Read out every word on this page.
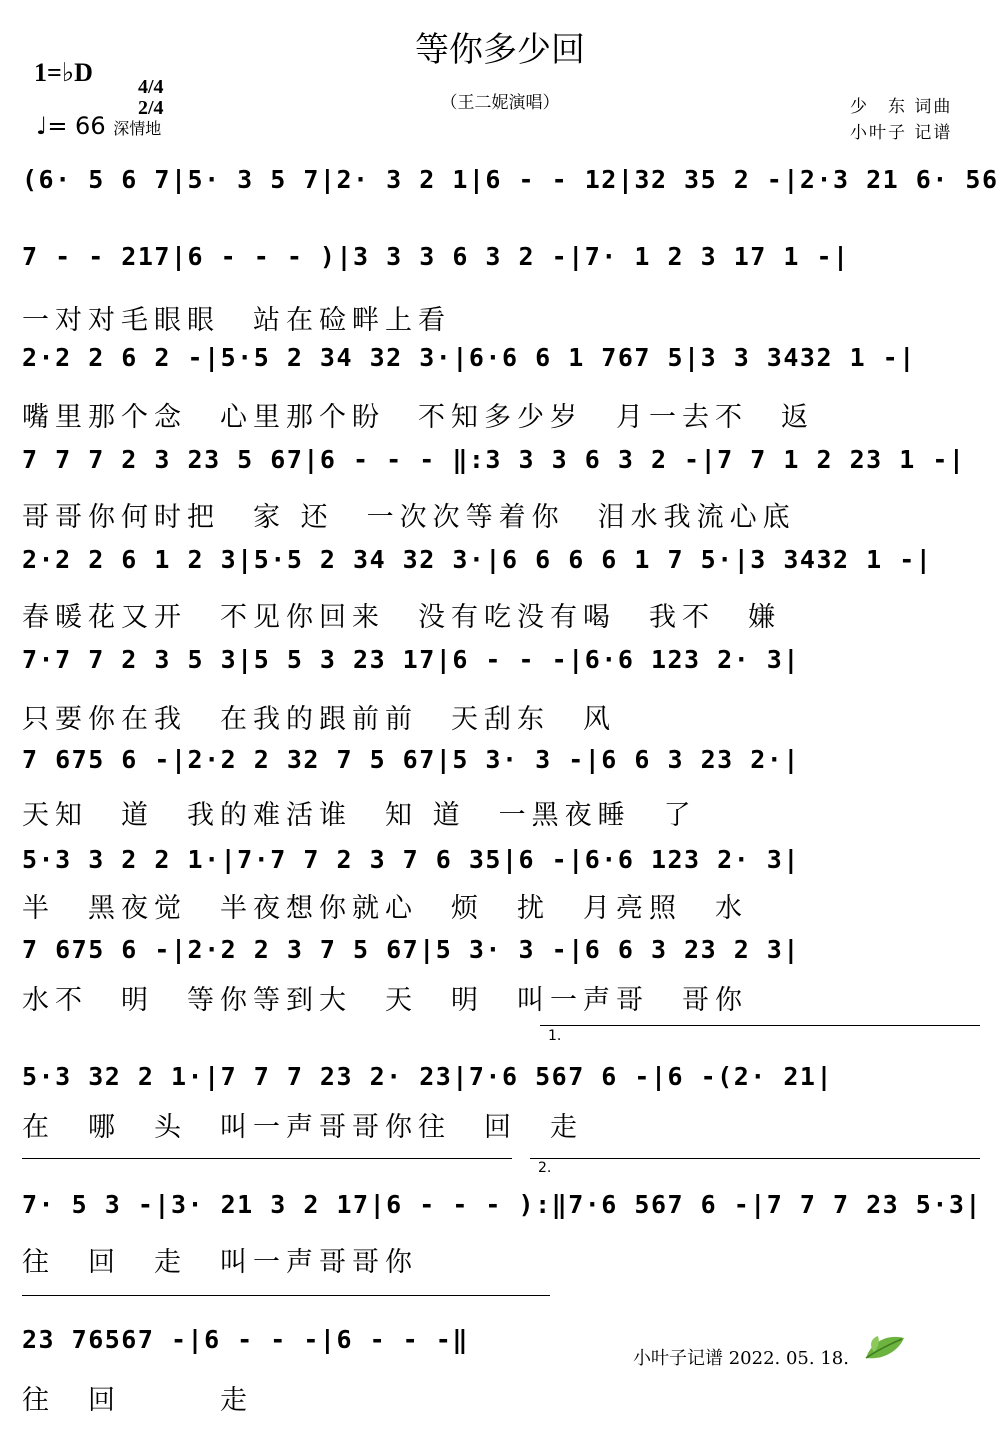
等你多少回
（王二妮演唱）
1=♭D	4/4
2/4

♩= 66 深情地
少　东 词曲
小叶子 记谱
(6· 5 6 7|5· 3 5 7|2· 3 2 1|6 - - 12|32 35 2 -|2·3 21 6· 56
7 - - 217|6 - - - )|3 3 3 6 3 2 -|7· 1 2 3 17 1 -|
一对对毛眼眼　站在硷畔上看
2·2 2 6 2 -|5·5 2 34 32 3·|6·6 6 1 767 5|3 3 3432 1 -|
嘴里那个念　心里那个盼　不知多少岁　月一去不　返
7 7 7 2 3 23 5 67|6 - - - ‖:3 3 3 6 3 2 -|7 7 1 2 23 1 -|
哥哥你何时把　家 还　一次次等着你　泪水我流心底
2·2 2 6 1 2 3|5·5 2 34 32 3·|6 6 6 6 1 7 5·|3 3432 1 -|
春暖花又开　不见你回来　没有吃没有喝　我不　嫌
7·7 7 2 3 5 3|5 5 3 23 17|6 - - -|6·6 123 2· 3|
只要你在我　在我的跟前前　天刮东　风
7 675 6 -|2·2 2 32 7 5 67|5 3· 3 -|6 6 3 23 2·|
天知　道　我的难活谁　知 道　一黑夜睡　了
5·3 3 2 2 1·|7·7 7 2 3 7 6 35|6 -|6·6 123 2· 3|
半　黑夜觉　半夜想你就心　烦　扰　月亮照　水
7 675 6 -|2·2 2 3 7 5 67|5 3· 3 -|6 6 3 23 2 3|
水不　明　等你等到大　天　明　叫一声哥　哥你
5·3 32 2 1·|7 7 7 23 2· 23|7·6 567 6 -|6 -(2· 21|
在　哪　头　叫一声哥哥你往　回　走
7· 5 3 -|3· 21 3 2 17|6 - - - ):‖7·6 567 6 -|7 7 7 23 5·3|
往　回　走　叫一声哥哥你
23 76567 -|6 - - -|6 - - -‖
往　回　　　走
1.
2.
小叶子记谱 2022. 05. 18.
